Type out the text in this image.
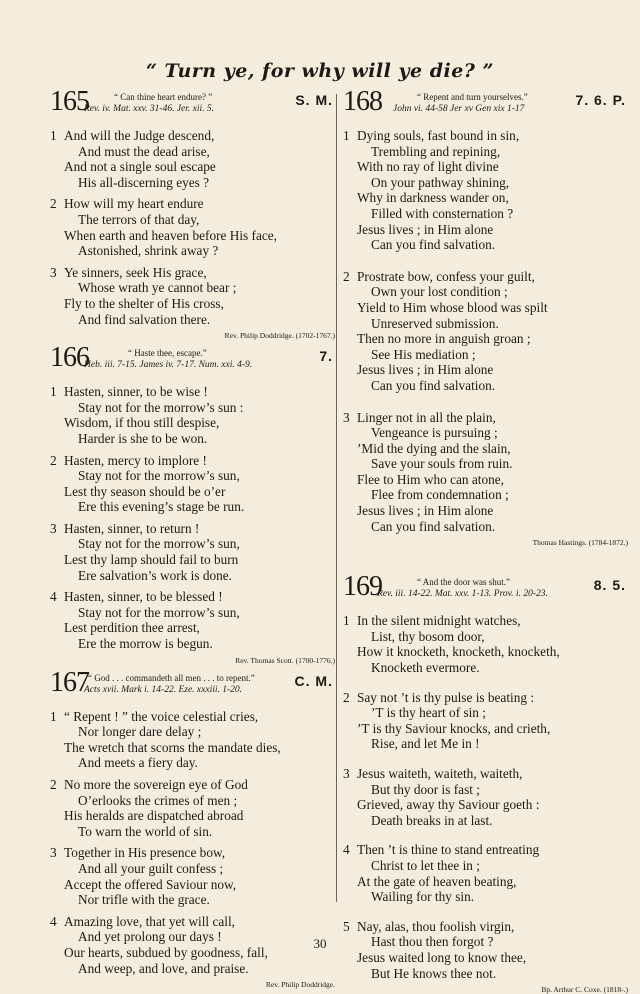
“ Turn ye, for why will ye die? ”
165	“ Can thine heart endure? ”
Rev. iv. Mat. xxv. 31-46. Jer. xii. 5.
S. M.
1 And will the Judge descend,
And must the dead arise,
And not a single soul escape
His all-discerning eyes ?
2 How will my heart endure
The terrors of that day,
When earth and heaven before His face,
Astonished, shrink away ?
3 Ye sinners, seek His grace,
Whose wrath ye cannot bear ;
Fly to the shelter of His cross,
And find salvation there.
Rev. Philip Doddridge. (1702-1767.)
166	“ Haste thee, escape.”
Heb. iii. 7-15. James iv. 7-17. Num. xxi. 4-9.
7.
1 Hasten, sinner, to be wise !
Stay not for the morrow’s sun :
Wisdom, if thou still despise,
Harder is she to be won.
2 Hasten, mercy to implore !
Stay not for the morrow’s sun,
Lest thy season should be o’er
Ere this evening’s stage be run.
3 Hasten, sinner, to return !
Stay not for the morrow’s sun,
Lest thy lamp should fail to burn
Ere salvation’s work is done.
4 Hasten, sinner, to be blessed !
Stay not for the morrow’s sun,
Lest perdition thee arrest,
Ere the morrow is begun.
Rev. Thomas Scott. (1700-1776.)
167 “ God . . . commandeth all men . . . to repent.”
Acts xvii. Mark i. 14-22. Eze. xxxiii. 1-20.
C. M.
1 “ Repent ! ” the voice celestial cries,
Nor longer dare delay ;
The wretch that scorns the mandate dies,
And meets a fiery day.
2 No more the sovereign eye of God
O’erlooks the crimes of men ;
His heralds are dispatched abroad
To warn the world of sin.
3 Together in His presence bow,
And all your guilt confess ;
Accept the offered Saviour now,
Nor trifle with the grace.
4 Amazing love, that yet will call,
And yet prolong our days !
Our hearts, subdued by goodness, fall,
And weep, and love, and praise.
Rev. Philip Doddridge.
168	“ Repent and turn yourselves.”
John vi. 44-58 Jer xv Gen xix 1-17
7. 6. P.
1 Dying souls, fast bound in sin,
Trembling and repining,
With no ray of light divine
On your pathway shining,
Why in darkness wander on,
Filled with consternation ?
Jesus lives ; in Him alone
Can you find salvation.
2 Prostrate bow, confess your guilt,
Own your lost condition ;
Yield to Him whose blood was spilt
Unreserved submission.
Then no more in anguish groan ;
See His mediation ;
Jesus lives ; in Him alone
Can you find salvation.
3 Linger not in all the plain,
Vengeance is pursuing ;
’Mid the dying and the slain,
Save your souls from ruin.
Flee to Him who can atone,
Flee from condemnation ;
Jesus lives ; in Him alone
Can you find salvation.
Thomas Hastings. (1784-1872.)
169	“ And the door was shut.”
Rev. iii. 14-22. Mat. xxv. 1-13. Prov. i. 20-23.
8. 5.
1 In the silent midnight watches,
List, thy bosom door,
How it knocketh, knocketh, knocketh,
Knocketh evermore.
2 Say not ’t is thy pulse is beating :
’T is thy heart of sin ;
’T is thy Saviour knocks, and crieth,
Rise, and let Me in !
3 Jesus waiteth, waiteth, waiteth,
But thy door is fast ;
Grieved, away thy Saviour goeth :
Death breaks in at last.
4 Then ’t is thine to stand entreating
Christ to let thee in ;
At the gate of heaven beating,
Wailing for thy sin.
5 Nay, alas, thou foolish virgin,
Hast thou then forgot ?
Jesus waited long to know thee,
But He knows thee not.
Bp. Arthur C. Coxe. (1818-.)
30
